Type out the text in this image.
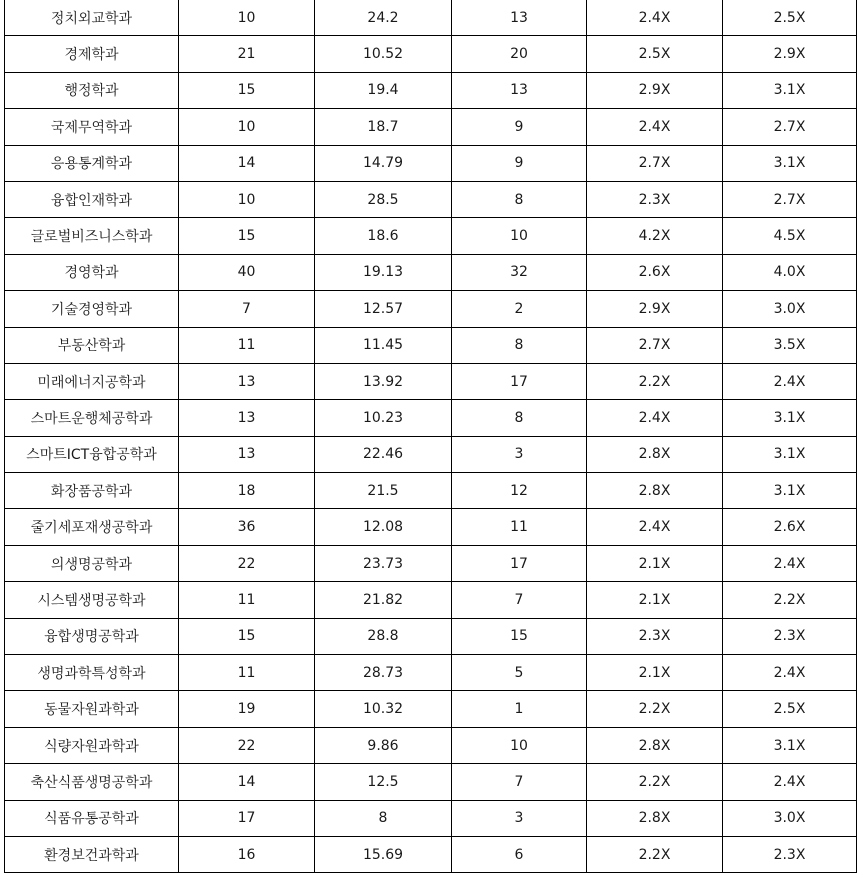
정치외교학과	10	24.2	13	2.4X	2.5X
경제학과	21	10.52	20	2.5X	2.9X
행정학과	15	19.4	13	2.9X	3.1X
국제무역학과	10	18.7	9	2.4X	2.7X
응용통계학과	14	14.79	9	2.7X	3.1X
융합인재학과	10	28.5	8	2.3X	2.7X
글로벌비즈니스학과	15	18.6	10	4.2X	4.5X
경영학과	40	19.13	32	2.6X	4.0X
기술경영학과	7	12.57	2	2.9X	3.0X
부동산학과	11	11.45	8	2.7X	3.5X
미래에너지공학과	13	13.92	17	2.2X	2.4X
스마트운행체공학과	13	10.23	8	2.4X	3.1X
스마트ICT융합공학과	13	22.46	3	2.8X	3.1X
화장품공학과	18	21.5	12	2.8X	3.1X
줄기세포재생공학과	36	12.08	11	2.4X	2.6X
의생명공학과	22	23.73	17	2.1X	2.4X
시스템생명공학과	11	21.82	7	2.1X	2.2X
융합생명공학과	15	28.8	15	2.3X	2.3X
생명과학특성학과	11	28.73	5	2.1X	2.4X
동물자원과학과	19	10.32	1	2.2X	2.5X
식량자원과학과	22	9.86	10	2.8X	3.1X
축산식품생명공학과	14	12.5	7	2.2X	2.4X
식품유통공학과	17	8	3	2.8X	3.0X
환경보건과학과	16	15.69	6	2.2X	2.3X
